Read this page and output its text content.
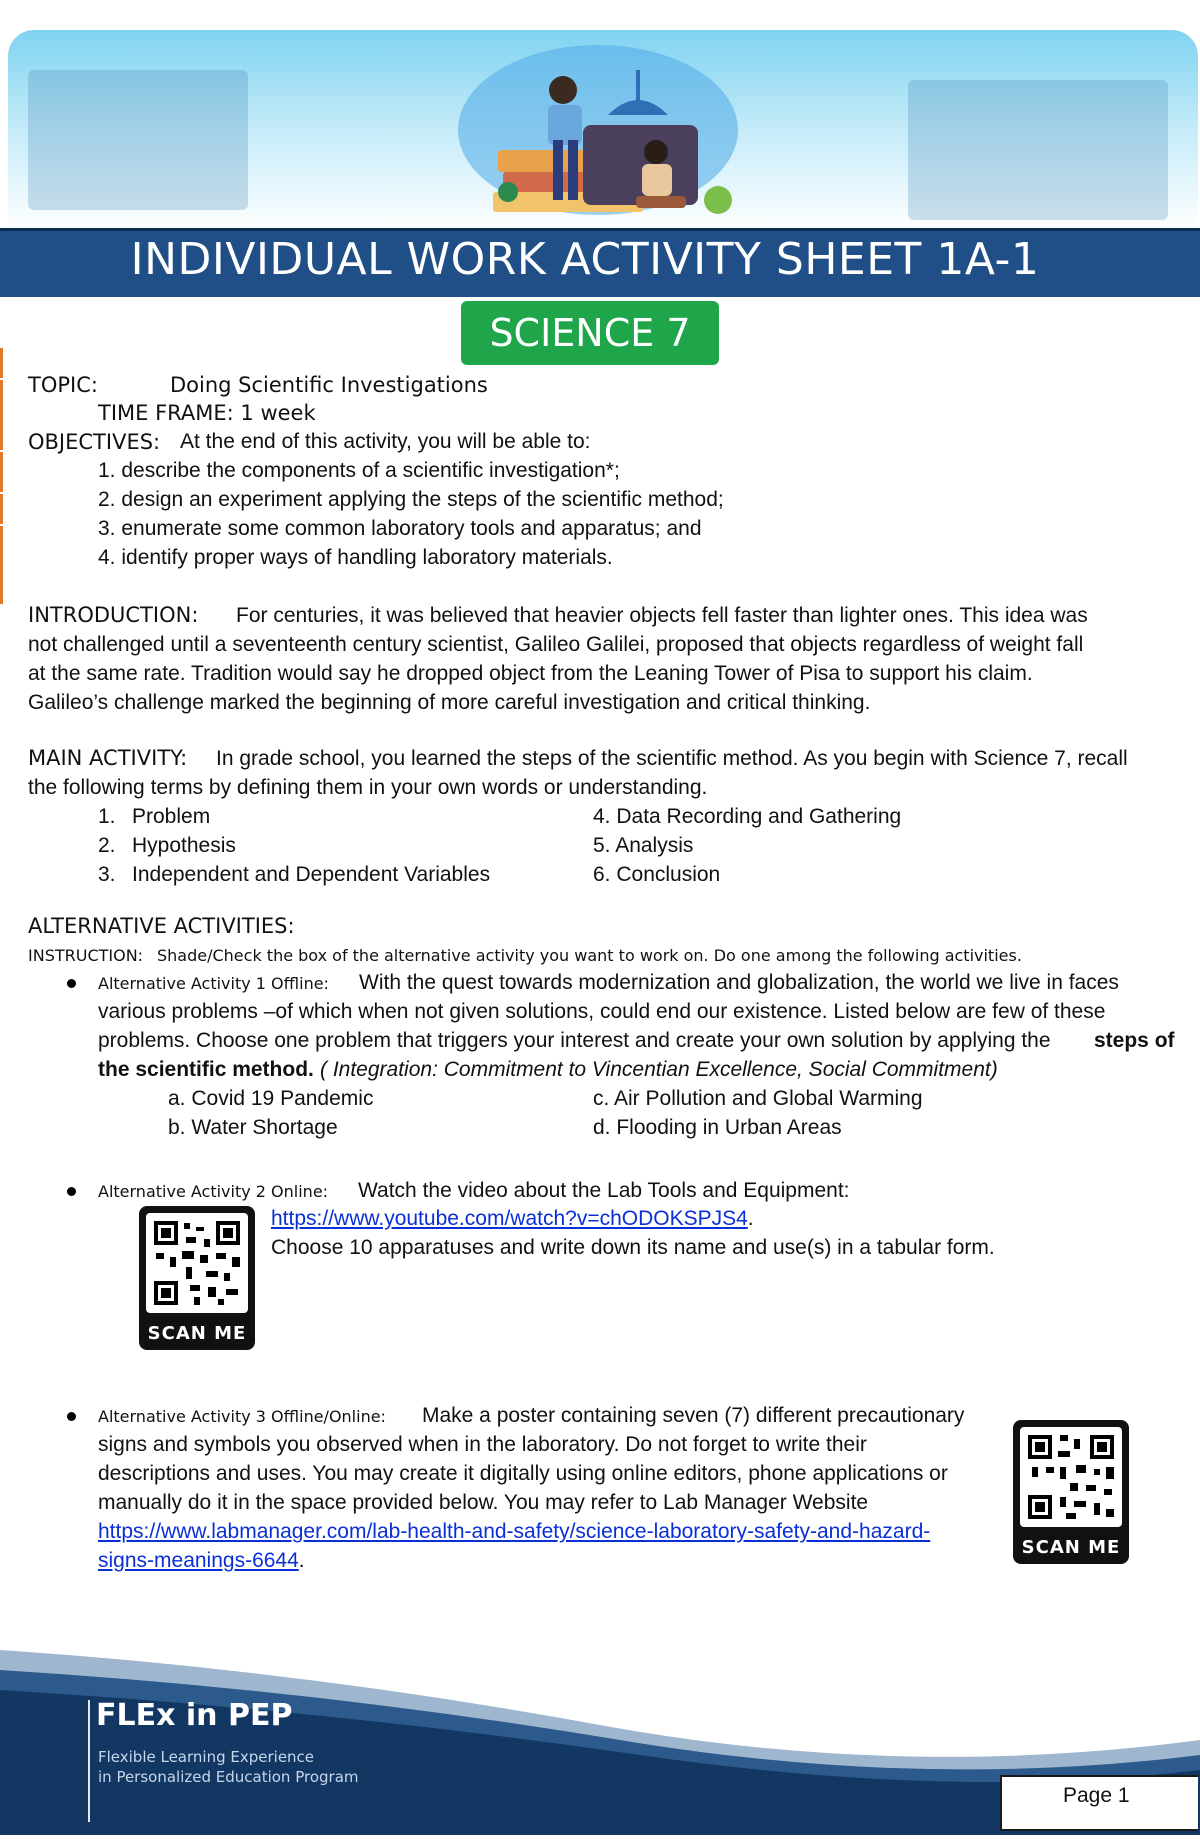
INDIVIDUAL WORK ACTIVITY SHEET 1A-1
SCIENCE 7
TOPIC:	Doing Scientific Investigations
TIME FRAME: 1 week
OBJECTIVES: At the end of this activity, you will be able to:
1. describe the components of a scientific investigation*;
2. design an experiment applying the steps of the scientific method;
3. enumerate some common laboratory tools and apparatus; and
4. identify proper ways of handling laboratory materials.
INTRODUCTION: For centuries, it was believed that heavier objects fell faster than lighter ones. This idea was
not challenged until a seventeenth century scientist, Galileo Galilei, proposed that objects regardless of weight fall
at the same rate. Tradition would say he dropped object from the Leaning Tower of Pisa to support his claim.
Galileo’s challenge marked the beginning of more careful investigation and critical thinking.
MAIN ACTIVITY: In grade school, you learned the steps of the scientific method. As you begin with Science 7, recall
the following terms by defining them in your own words or understanding.
1. Problem
2. Hypothesis
3. Independent and Dependent Variables
4. Data Recording and Gathering
5. Analysis
6. Conclusion
ALTERNATIVE ACTIVITIES:
INSTRUCTION: Shade/Check the box of the alternative activity you want to work on. Do one among the following activities.
Alternative Activity 1 Offline: With the quest towards modernization and globalization, the world we live in faces
various problems –of which when not given solutions, could end our existence. Listed below are few of these
problems. Choose one problem that triggers your interest and create your own solution by applying the steps of
the scientific method. ( Integration: Commitment to Vincentian Excellence, Social Commitment)
a. Covid 19 Pandemic	c. Air Pollution and Global Warming
b. Water Shortage	d. Flooding in Urban Areas
Alternative Activity 2 Online: Watch the video about the Lab Tools and Equipment:
https://www.youtube.com/watch?v=chODOKSPJS4.
Choose 10 apparatuses and write down its name and use(s) in a tabular form.
SCAN ME
Alternative Activity 3 Offline/Online: Make a poster containing seven (7) different precautionary
signs and symbols you observed when in the laboratory. Do not forget to write their
descriptions and uses. You may create it digitally using online editors, phone applications or
manually do it in the space provided below. You may refer to Lab Manager Website
https://www.labmanager.com/lab-health-and-safety/science-laboratory-safety-and-hazard-
signs-meanings-6644.
SCAN ME
FLEx in PEP
Flexible Learning Experience
in Personalized Education Program
Page 1
